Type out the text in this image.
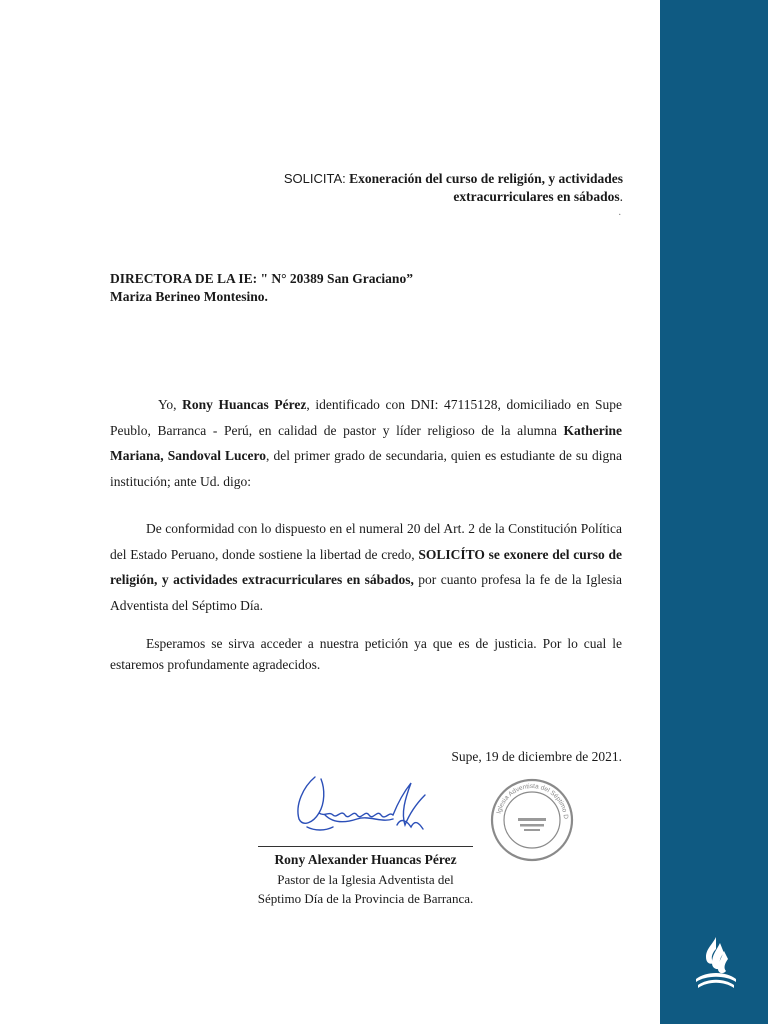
SOLICITA: Exoneración del curso de religión, y actividades
extracurriculares en sábados.
.
DIRECTORA DE LA IE: " N° 20389 San Graciano”
Mariza Berineo Montesino.
Yo, Rony Huancas Pérez, identificado con DNI: 47115128, domiciliado en Supe Peublo, Barranca - Perú, en calidad de pastor y líder religioso de la alumna Katherine Mariana, Sandoval Lucero, del primer grado de secundaria, quien es estudiante de su digna institución; ante Ud. digo:
De conformidad con lo dispuesto en el numeral 20 del Art. 2 de la Constitución Política del Estado Peruano, donde sostiene la libertad de credo, SOLICÍTO se exonere del curso de religión, y actividades extracurriculares en sábados, por cuanto profesa la fe de la Iglesia Adventista del Séptimo Día.
Esperamos se sirva acceder a nuestra petición ya que es de justicia. Por lo cual le estaremos profundamente agradecidos.
Supe, 19 de diciembre de 2021.
Iglesia Adventista del Séptimo D
Rony Alexander Huancas Pérez
Pastor de la Iglesia Adventista del
Séptimo Día de la Provincia de Barranca.
